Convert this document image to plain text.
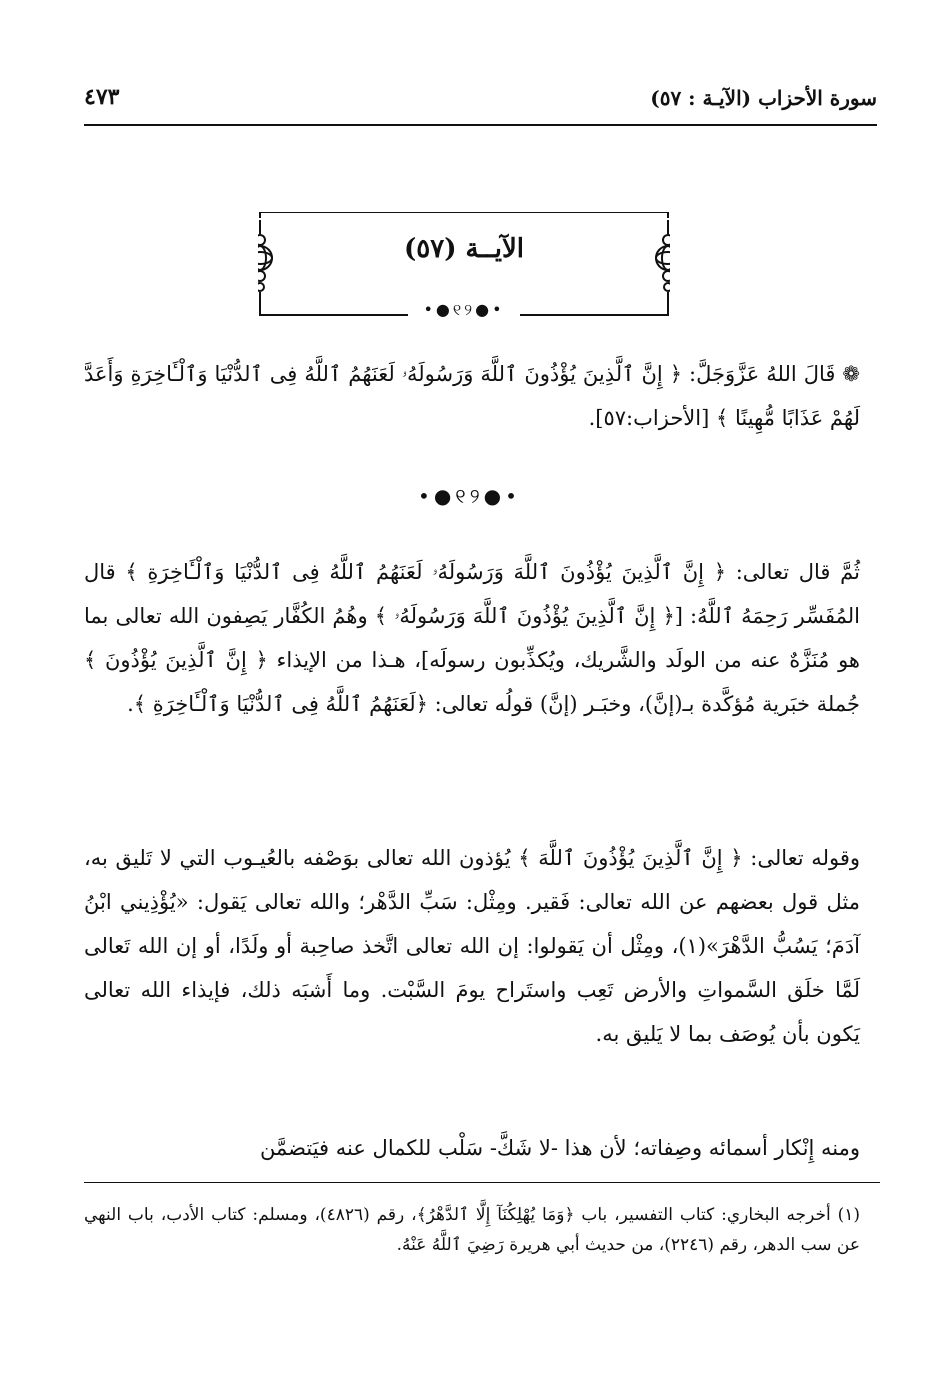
سورة الأحزاب (الآيـة : ٥٧)
٤٧٣
الآيــة (٥٧)
•●୧୨●•

❁ قَالَ اللهُ عَزَّوَجَلَّ: ﴿ إِنَّ ٱلَّذِينَ يُؤْذُونَ ٱللَّهَ وَرَسُولَهُۥ لَعَنَهُمُ ٱللَّهُ فِى ٱلدُّنْيَا وَٱلْـَٔاخِرَةِ وَأَعَدَّ لَهُمْ عَذَابًا مُّهِينًا ﴾ [الأحزاب:٥٧].

•●୧୨●•

ثُمَّ قال تعالى: ﴿ إِنَّ ٱلَّذِينَ يُؤْذُونَ ٱللَّهَ وَرَسُولَهُۥ لَعَنَهُمُ ٱللَّهُ فِى ٱلدُّنْيَا وَٱلْـَٔاخِرَةِ ﴾ قال المُفَسِّر رَحِمَهُ ٱللَّهُ: [﴿ إِنَّ ٱلَّذِينَ يُؤْذُونَ ٱللَّهَ وَرَسُولَهُۥ ﴾ وهُمُ الكُفَّار يَصِفون الله تعالى بما هو مُنَزَّهٌ عنه من الولَد والشَّريك، ويُكذِّبون رسولَه]، هـذا من الإيذاء ﴿ إِنَّ ٱلَّذِينَ يُؤْذُونَ ﴾ جُملة خبَرية مُؤكَّدة بـ(إنَّ)، وخبَـر (إنَّ) قولُه تعالى: ﴿لَعَنَهُمُ ٱللَّهُ فِى ٱلدُّنْيَا وَٱلْـَٔاخِرَةِ ﴾.

وقوله تعالى: ﴿ إِنَّ ٱلَّذِينَ يُؤْذُونَ ٱللَّهَ ﴾ يُؤذون الله تعالى بوَصْفه بالعُيـوب التي لا تَليق به، مثل قول بعضهم عن الله تعالى: فَقير. ومِثْل: سَبِّ الدَّهْر؛ والله تعالى يَقول: «يُؤْذِيني ابْنُ آدَمَ؛ يَسُبُّ الدَّهْرَ»(١)، ومِثْل أن يَقولوا: إن الله تعالى اتَّخذ صاحِبة أو ولَدًا، أو إن الله تَعالى لَمَّا خلَق السَّمواتِ والأرض تَعِب واستَراح يومَ السَّبْت. وما أَشبَه ذلك، فإيذاء الله تعالى يَكون بأن يُوصَف بما لا يَليق به.

ومنه إِنْكار أسمائه وصِفاته؛ لأن هذا -لا شَكَّ- سَلْب للكمال عنه فيَتضمَّن

(١) أخرجه البخاري: كتاب التفسير، باب ﴿وَمَا يُهْلِكُنَآ إِلَّا ٱلدَّهْرُ﴾، رقم (٤٨٢٦)، ومسلم: كتاب الأدب، باب النهي عن سب الدهر، رقم (٢٢٤٦)، من حديث أبي هريرة رَضِيَ ٱللَّهُ عَنْهُ.
